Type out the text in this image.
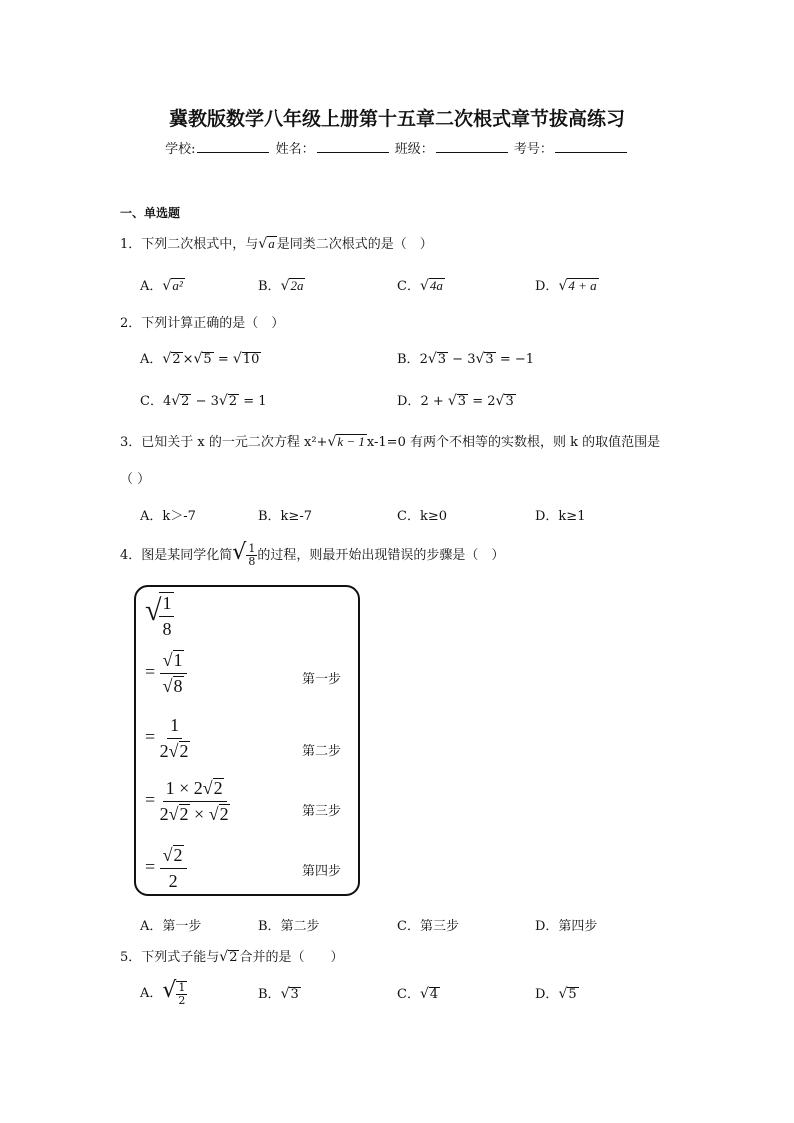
冀教版数学八年级上册第十五章二次根式章节拔高练习
学校:	姓名：	班级：	考号：
一、单选题
1．下列二次根式中，与√a 是同类二次根式的是（　）
A．√a²	B．√2a	C．√4a	D．√4 + a
2．下列计算正确的是（　）
A．√2 ×√5 = √10	B．2√3 − 3√3 = −1
C．4√2 − 3√2 = 1	D．2 + √3 = 2√3
3．已知关于 x 的一元二次方程 x²+√k − 1 x-1=0 有两个不相等的实数根，则 k 的取值范围是
（ ）
A．k＞-7	B．k≥-7	C．k≥0	D．k≥1
4．图是某同学化简√ $\frac{1}{8}$ 的过程，则最开始出现错误的步骤是（　）
√
$\frac{1}{8}$
= $\frac{√1}{√8}$	第一步
= $\frac{1}{2√2}$	第二步
= $\frac{1 \times 2√2}{2√2 \times √2}$	第三步
= $\frac{√2}{2}$	第四步
A．第一步	B．第二步	C．第三步	D．第四步
5．下列式子能与√2 合并的是（　　）
A．√ $\frac{1}{2}$	B．√3	C．√4	D．√5
